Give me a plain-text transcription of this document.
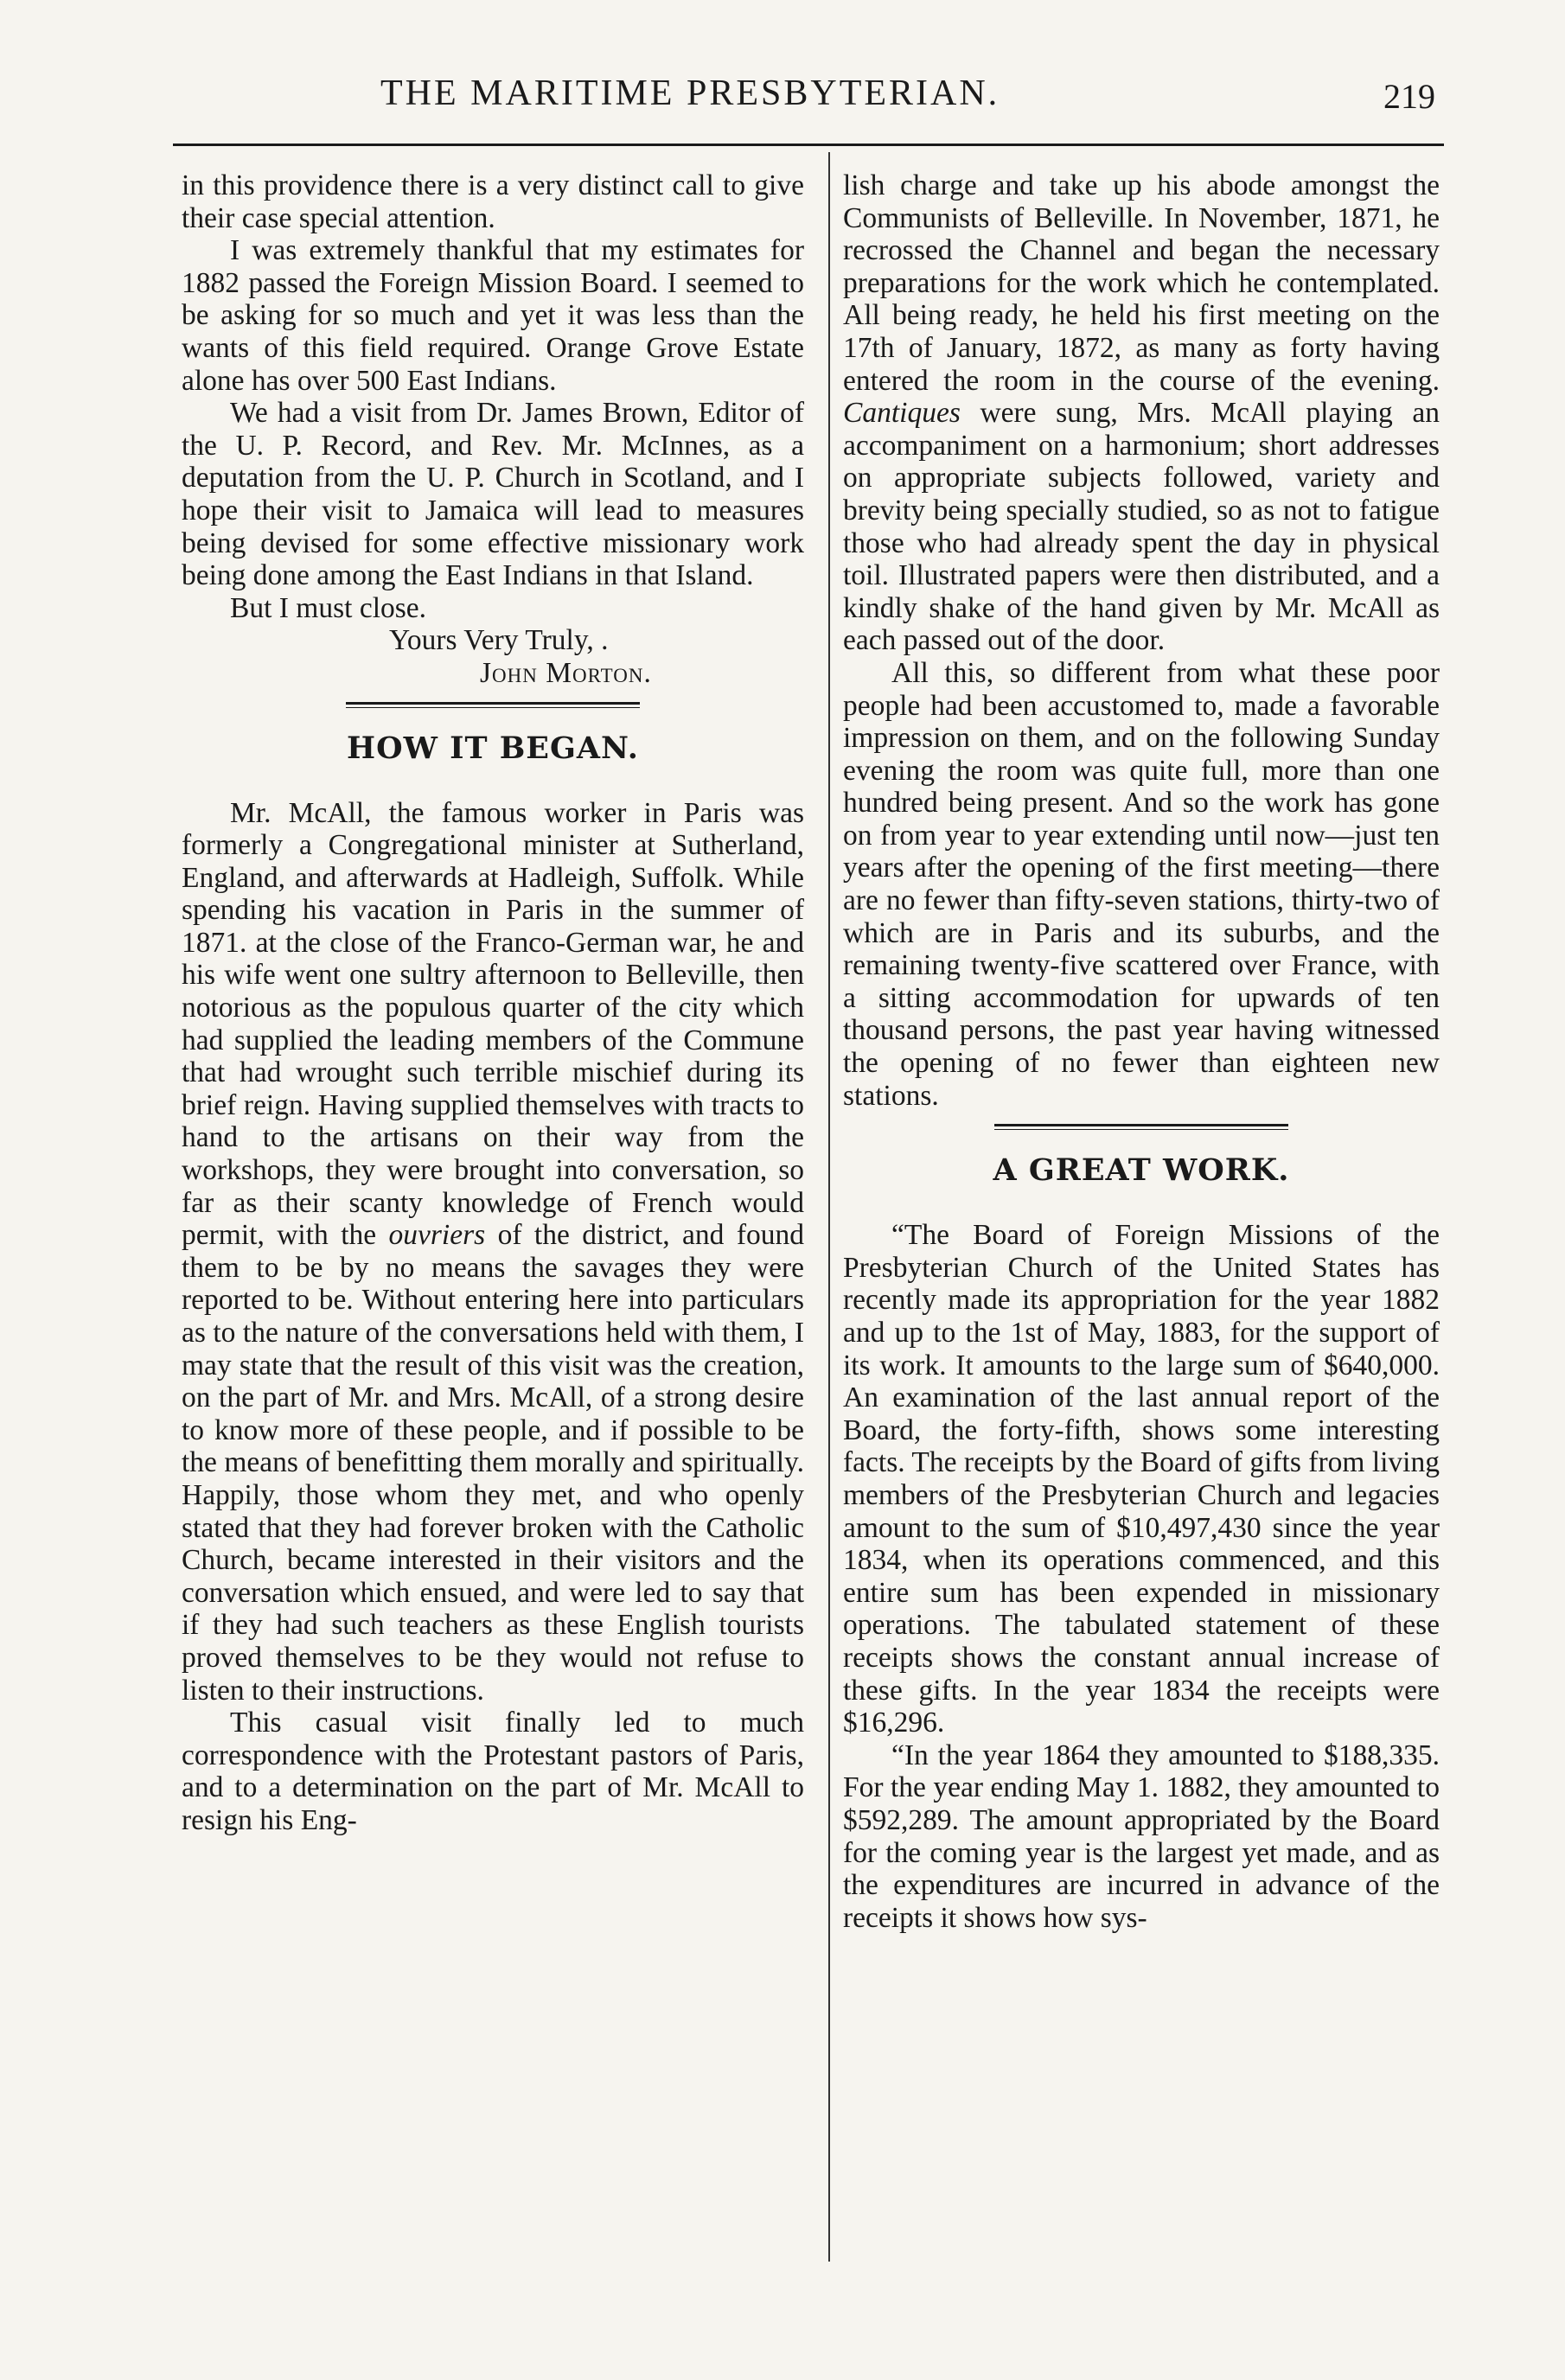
THE MARITIME PRESBYTERIAN.	219

in this providence there is a very distinct call to give their case special attention.

I was extremely thankful that my estimates for 1882 passed the Foreign Mission Board. I seemed to be asking for so much and yet it was less than the wants of this field required. Orange Grove Estate alone has over 500 East Indians.

We had a visit from Dr. James Brown, Editor of the U. P. Record, and Rev. Mr. McInnes, as a deputation from the U. P. Church in Scotland, and I hope their visit to Jamaica will lead to measures being devised for some effective missionary work being done among the East Indians in that Island.

But I must close.

Yours Very Truly, .
John Morton.
HOW IT BEGAN.

Mr. McAll, the famous worker in Paris was formerly a Congregational minister at Sutherland, England, and afterwards at Hadleigh, Suffolk. While spending his vacation in Paris in the summer of 1871. at the close of the Franco-German war, he and his wife went one sultry afternoon to Belleville, then notorious as the populous quarter of the city which had supplied the leading members of the Commune that had wrought such terrible mischief during its brief reign. Having supplied themselves with tracts to hand to the artisans on their way from the workshops, they were brought into conversation, so far as their scanty knowledge of French would permit, with the ouvriers of the district, and found them to be by no means the savages they were reported to be. Without entering here into particulars as to the nature of the conversations held with them, I may state that the result of this visit was the creation, on the part of Mr. and Mrs. McAll, of a strong desire to know more of these people, and if possible to be the means of benefitting them morally and spiritually. Happily, those whom they met, and who openly stated that they had forever broken with the Catholic Church, became interested in their visitors and the conversation which ensued, and were led to say that if they had such teachers as these English tourists proved themselves to be they would not refuse to listen to their instructions.

This casual visit finally led to much correspondence with the Protestant pastors of Paris, and to a determination on the part of Mr. McAll to resign his Eng-

lish charge and take up his abode amongst the Communists of Belleville. In November, 1871, he recrossed the Channel and began the necessary preparations for the work which he contemplated. All being ready, he held his first meeting on the 17th of January, 1872, as many as forty having entered the room in the course of the evening. Cantiques were sung, Mrs. McAll playing an accompaniment on a harmonium; short addresses on appropriate subjects followed, variety and brevity being specially studied, so as not to fatigue those who had already spent the day in physical toil. Illustrated papers were then distributed, and a kindly shake of the hand given by Mr. McAll as each passed out of the door.

All this, so different from what these poor people had been accustomed to, made a favorable impression on them, and on the following Sunday evening the room was quite full, more than one hundred being present. And so the work has gone on from year to year extending until now—just ten years after the opening of the first meeting—there are no fewer than fifty-seven stations, thirty-two of which are in Paris and its suburbs, and the remaining twenty-five scattered over France, with a sitting accommodation for upwards of ten thousand persons, the past year having witnessed the opening of no fewer than eighteen new stations.

A GREAT WORK.

“The Board of Foreign Missions of the Presbyterian Church of the United States has recently made its appropriation for the year 1882 and up to the 1st of May, 1883, for the support of its work. It amounts to the large sum of $640,000. An examination of the last annual report of the Board, the forty-fifth, shows some interesting facts. The receipts by the Board of gifts from living members of the Presbyterian Church and legacies amount to the sum of $10,497,430 since the year 1834, when its operations commenced, and this entire sum has been expended in missionary operations. The tabulated statement of these receipts shows the constant annual increase of these gifts. In the year 1834 the receipts were $16,296.

“In the year 1864 they amounted to $188,335. For the year ending May 1. 1882, they amounted to $592,289. The amount appropriated by the Board for the coming year is the largest yet made, and as the expenditures are incurred in advance of the receipts it shows how sys-
